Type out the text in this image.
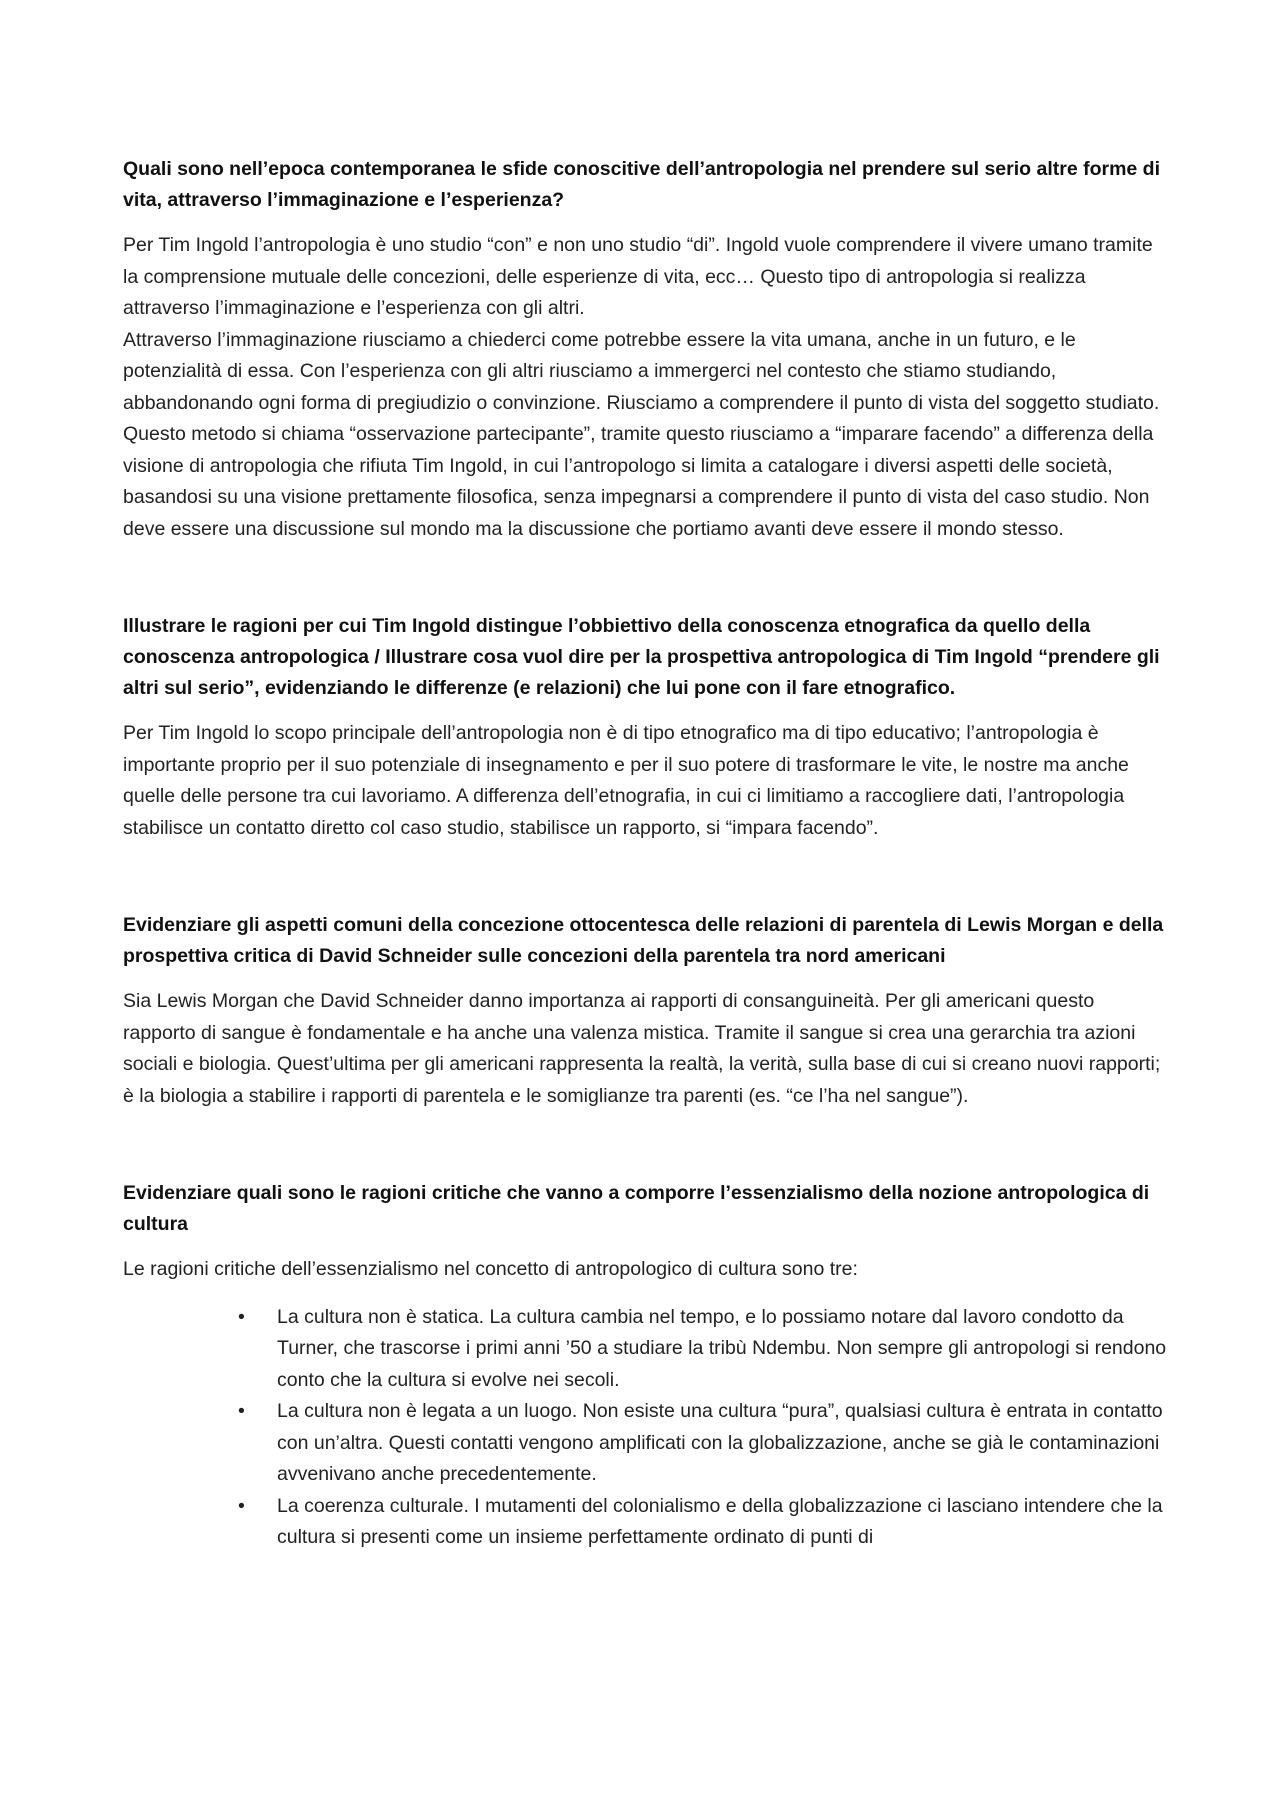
Quali sono nell’epoca contemporanea le sfide conoscitive dell’antropologia nel prendere sul serio altre forme di vita, attraverso l’immaginazione e l’esperienza?

Per Tim Ingold l’antropologia è uno studio “con” e non uno studio “di”. Ingold vuole comprendere il vivere umano tramite la comprensione mutuale delle concezioni, delle esperienze di vita, ecc… Questo tipo di antropologia si realizza attraverso l’immaginazione e l’esperienza con gli altri.

Attraverso l’immaginazione riusciamo a chiederci come potrebbe essere la vita umana, anche in un futuro, e le potenzialità di essa. Con l’esperienza con gli altri riusciamo a immergerci nel contesto che stiamo studiando, abbandonando ogni forma di pregiudizio o convinzione. Riusciamo a comprendere il punto di vista del soggetto studiato. Questo metodo si chiama “osservazione partecipante”, tramite questo riusciamo a “imparare facendo” a differenza della visione di antropologia che rifiuta Tim Ingold, in cui l’antropologo si limita a catalogare i diversi aspetti delle società, basandosi su una visione prettamente filosofica, senza impegnarsi a comprendere il punto di vista del caso studio. Non deve essere una discussione sul mondo ma la discussione che portiamo avanti deve essere il mondo stesso.

Illustrare le ragioni per cui Tim Ingold distingue l’obbiettivo della conoscenza etnografica da quello della conoscenza antropologica / Illustrare cosa vuol dire per la prospettiva antropologica di Tim Ingold “prendere gli altri sul serio”, evidenziando le differenze (e relazioni) che lui pone con il fare etnografico.

Per Tim Ingold lo scopo principale dell’antropologia non è di tipo etnografico ma di tipo educativo; l’antropologia è importante proprio per il suo potenziale di insegnamento e per il suo potere di trasformare le vite, le nostre ma anche quelle delle persone tra cui lavoriamo. A differenza dell’etnografia, in cui ci limitiamo a raccogliere dati, l’antropologia stabilisce un contatto diretto col caso studio, stabilisce un rapporto, si “impara facendo”.

Evidenziare gli aspetti comuni della concezione ottocentesca delle relazioni di parentela di Lewis Morgan e della prospettiva critica di David Schneider sulle concezioni della parentela tra nord americani

Sia Lewis Morgan che David Schneider danno importanza ai rapporti di consanguineità. Per gli americani questo rapporto di sangue è fondamentale e ha anche una valenza mistica. Tramite il sangue si crea una gerarchia tra azioni sociali e biologia. Quest’ultima per gli americani rappresenta la realtà, la verità, sulla base di cui si creano nuovi rapporti; è la biologia a stabilire i rapporti di parentela e le somiglianze tra parenti (es. “ce l’ha nel sangue”).

Evidenziare quali sono le ragioni critiche che vanno a comporre l’essenzialismo della nozione antropologica di cultura

Le ragioni critiche dell’essenzialismo nel concetto di antropologico di cultura sono tre:

• La cultura non è statica. La cultura cambia nel tempo, e lo possiamo notare dal lavoro condotto da Turner, che trascorse i primi anni ’50 a studiare la tribù Ndembu. Non sempre gli antropologi si rendono conto che la cultura si evolve nei secoli.
• La cultura non è legata a un luogo. Non esiste una cultura “pura”, qualsiasi cultura è entrata in contatto con un’altra. Questi contatti vengono amplificati con la globalizzazione, anche se già le contaminazioni avvenivano anche precedentemente.
• La coerenza culturale. I mutamenti del colonialismo e della globalizzazione ci lasciano intendere che la cultura si presenti come un insieme perfettamente ordinato di punti di
